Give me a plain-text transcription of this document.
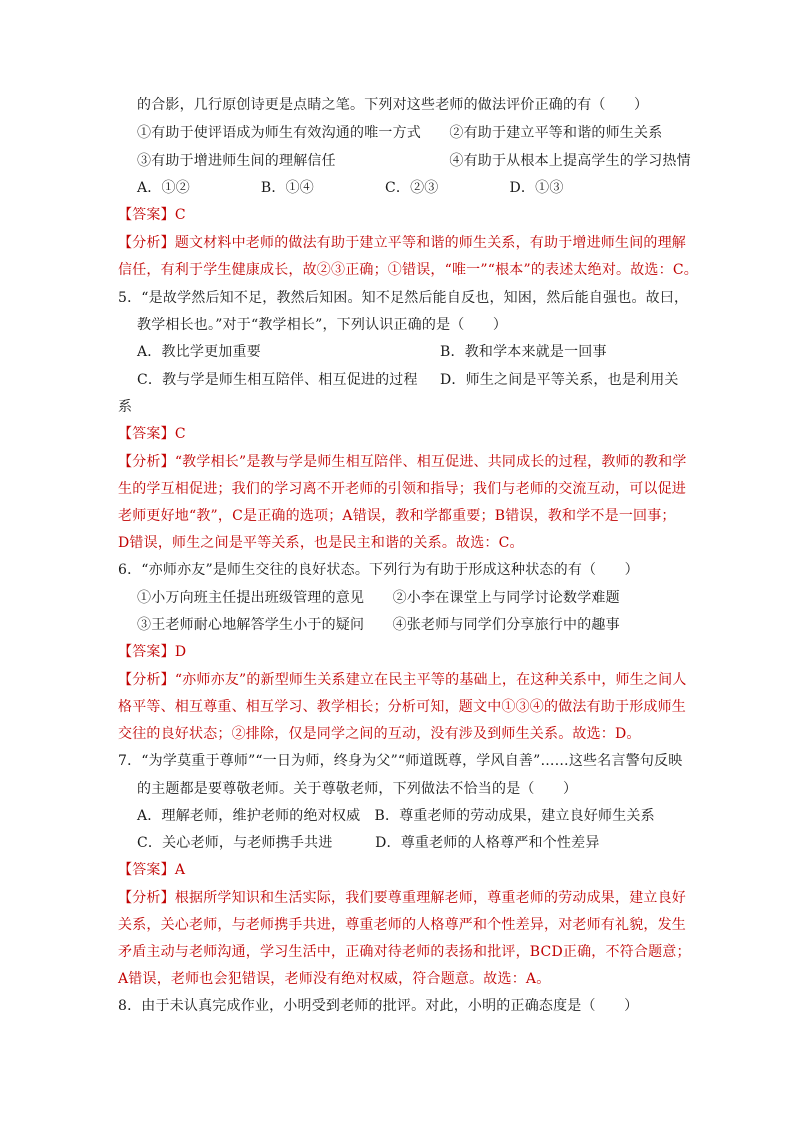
的合影，几行原创诗更是点睛之笔。下列对这些老师的做法评价正确的有（　　）
①有助于使评语成为师生有效沟通的唯一方式　　②有助于建立平等和谐的师生关系
③有助于增进师生间的理解信任　　　　　　　　④有助于从根本上提高学生的学习热情
A．①②　　　　　B．①④　　　　　C．②③　　　　　D．①③
【答案】C
【分析】题文材料中老师的做法有助于建立平等和谐的师生关系，有助于增进师生间的理解
信任，有利于学生健康成长，故②③正确；①错误，“唯一”“根本”的表述太绝对。故选：C。
5．“是故学然后知不足，教然后知困。知不足然后能自反也，知困，然后能自强也。故曰，
教学相长也。”对于“教学相长”，下列认识正确的是（　　）
A．教比学更加重要	B．教和学本来就是一回事
C．教与学是师生相互陪伴、相互促进的过程 D．师生之间是平等关系，也是利用关
系
【答案】C
【分析】“教学相长”是教与学是师生相互陪伴、相互促进、共同成长的过程，教师的教和学
生的学互相促进；我们的学习离不开老师的引领和指导；我们与老师的交流互动，可以促进
老师更好地“教”，C是正确的选项；A错误，教和学都重要；B错误，教和学不是一回事；
D错误，师生之间是平等关系，也是民主和谐的关系。故选：C。
6．“亦师亦友”是师生交往的良好状态。下列行为有助于形成这种状态的有（　　）
①小万向班主任提出班级管理的意见　　②小李在课堂上与同学讨论数学难题
③王老师耐心地解答学生小于的疑问　　④张老师与同学们分享旅行中的趣事
【答案】D
【分析】“亦师亦友”的新型师生关系建立在民主平等的基础上，在这种关系中，师生之间人
格平等、相互尊重、相互学习、教学相长；分析可知，题文中①③④的做法有助于形成师生
交往的良好状态；②排除，仅是同学之间的互动，没有涉及到师生关系。故选：D。
7．“为学莫重于尊师”“一日为师，终身为父”“师道既尊，学风自善”……这些名言警句反映
的主题都是要尊敬老师。关于尊敬老师，下列做法不恰当的是（　　）
A．理解老师，维护老师的绝对权威　B．尊重老师的劳动成果，建立良好师生关系
C．关心老师，与老师携手共进　　　D．尊重老师的人格尊严和个性差异
【答案】A
【分析】根据所学知识和生活实际，我们要尊重理解老师，尊重老师的劳动成果，建立良好
关系，关心老师，与老师携手共进，尊重老师的人格尊严和个性差异，对老师有礼貌，发生
矛盾主动与老师沟通，学习生活中，正确对待老师的表扬和批评，BCD正确，不符合题意；
A错误，老师也会犯错误，老师没有绝对权威，符合题意。故选：A。
8．由于未认真完成作业，小明受到老师的批评。对此，小明的正确态度是（　　）
